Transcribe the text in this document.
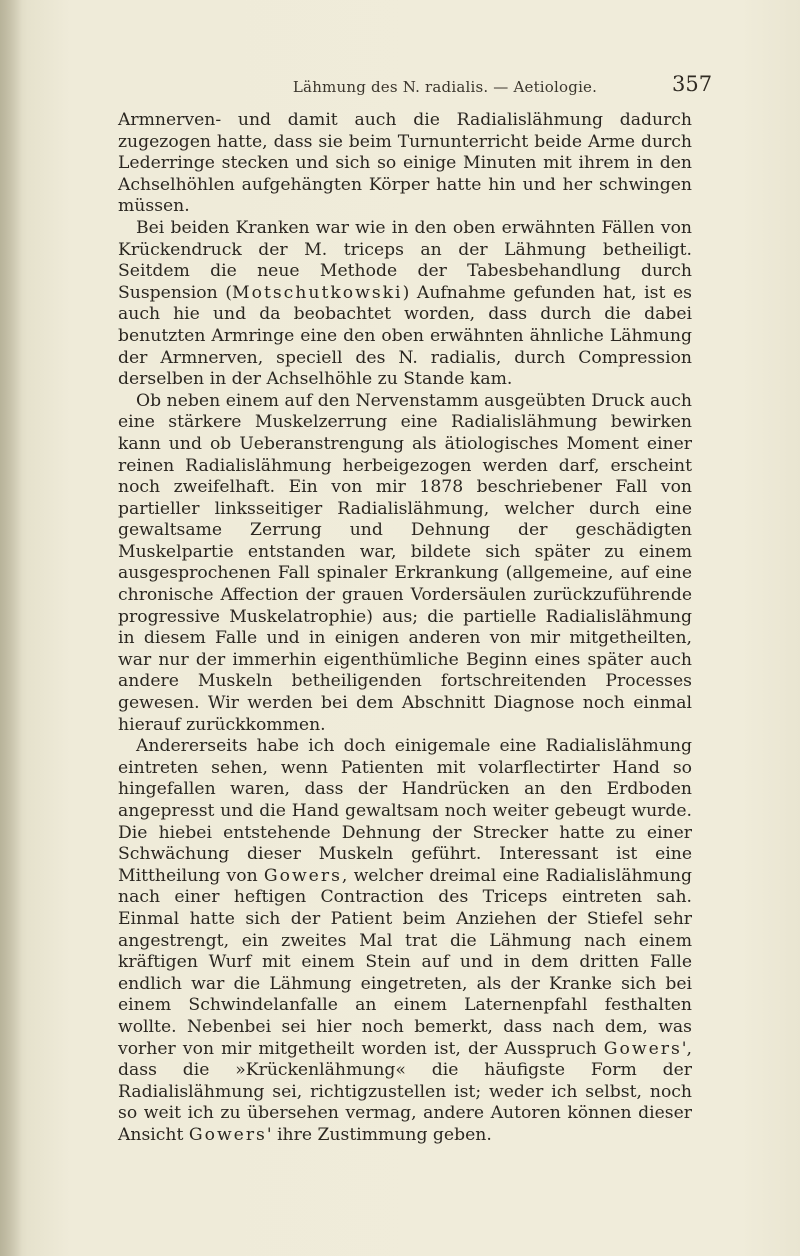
Lähmung des N. radialis. — Aetiologie.	357

Armnerven- und damit auch die Radialislähmung dadurch zugezogen hatte, dass sie beim Turnunterricht beide Arme durch Lederringe stecken und sich so einige Minuten mit ihrem in den Achselhöhlen aufgehängten Körper hatte hin und her schwingen müssen.

Bei beiden Kranken war wie in den oben erwähnten Fällen von Krückendruck der M. triceps an der Lähmung betheiligt. Seitdem die neue Methode der Tabesbehandlung durch Suspension (Motschutkowski) Aufnahme gefunden hat, ist es auch hie und da beobachtet worden, dass durch die dabei benutzten Armringe eine den oben erwähnten ähnliche Lähmung der Armnerven, speciell des N. radialis, durch Compression derselben in der Achselhöhle zu Stande kam.

Ob neben einem auf den Nervenstamm ausgeübten Druck auch eine stärkere Muskelzerrung eine Radialislähmung bewirken kann und ob Ueberanstrengung als ätiologisches Moment einer reinen Radialislähmung herbeigezogen werden darf, erscheint noch zweifelhaft. Ein von mir 1878 beschriebener Fall von partieller linksseitiger Radialislähmung, welcher durch eine gewaltsame Zerrung und Dehnung der geschädigten Muskelpartie entstanden war, bildete sich später zu einem ausgesprochenen Fall spinaler Erkrankung (allgemeine, auf eine chronische Affection der grauen Vordersäulen zurückzuführende progressive Muskelatrophie) aus; die partielle Radialislähmung in diesem Falle und in einigen anderen von mir mitgetheilten, war nur der immerhin eigenthümliche Beginn eines später auch andere Muskeln betheiligenden fortschreitenden Processes gewesen. Wir werden bei dem Abschnitt Diagnose noch einmal hierauf zurückkommen.

Andererseits habe ich doch einigemale eine Radialislähmung eintreten sehen, wenn Patienten mit volarflectirter Hand so hingefallen waren, dass der Handrücken an den Erdboden angepresst und die Hand gewaltsam noch weiter gebeugt wurde. Die hiebei entstehende Dehnung der Strecker hatte zu einer Schwächung dieser Muskeln geführt. Interessant ist eine Mittheilung von Gowers, welcher dreimal eine Radialislähmung nach einer heftigen Contraction des Triceps eintreten sah. Einmal hatte sich der Patient beim Anziehen der Stiefel sehr angestrengt, ein zweites Mal trat die Lähmung nach einem kräftigen Wurf mit einem Stein auf und in dem dritten Falle endlich war die Lähmung eingetreten, als der Kranke sich bei einem Schwindelanfalle an einem Laternenpfahl festhalten wollte. Nebenbei sei hier noch bemerkt, dass nach dem, was vorher von mir mitgetheilt worden ist, der Ausspruch Gowers', dass die »Krückenlähmung« die häufigste Form der Radialislähmung sei, richtigzustellen ist; weder ich selbst, noch so weit ich zu übersehen vermag, andere Autoren können dieser Ansicht Gowers' ihre Zustimmung geben.
